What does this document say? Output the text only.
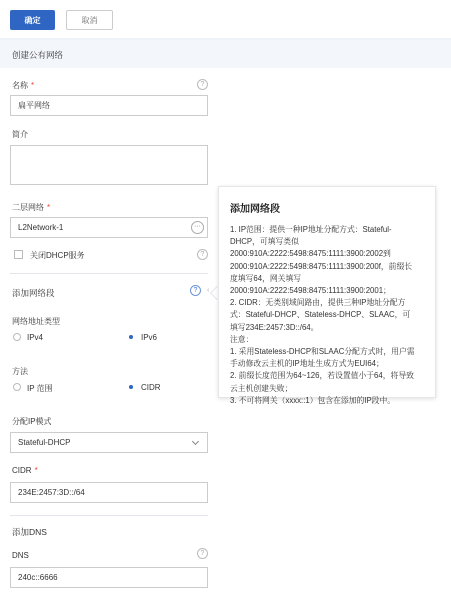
确定	取消
创建公有网络
名称 *	?
扁平网络
简介
二层网络 *
L2Network-1	···
关闭DHCP服务	?
添加网络段	?	‹
网络地址类型
IPv4	IPv6
方法
IP 范围	CIDR
分配IP模式
Stateful-DHCP
CIDR *
234E:2457:3D::/64
添加DNS
?
DNS
240c::6666
添加网络段
1. IP范围：提供一种IP地址分配方式：Stateful-
DHCP，可填写类似
2000:910A:2222:5498:8475:1111:3900:2002到
2000:910A:2222:5498:8475:1111:3900:200f，前缀长
度填写64，网关填写
2000:910A:2222:5498:8475:1111:3900:2001；
2. CIDR：无类别域间路由，提供三种IP地址分配方
式：Stateful-DHCP、Stateless-DHCP、SLAAC，可
填写234E:2457:3D::/64。
注意：
1. 采用Stateless-DHCP和SLAAC分配方式时，用户需
手动修改云主机的IP地址生成方式为EUI64；
2. 前缀长度范围为64~126，若设置值小于64，将导致
云主机创建失败；
3. 不可将网关（xxxx::1）包含在添加的IP段中。
